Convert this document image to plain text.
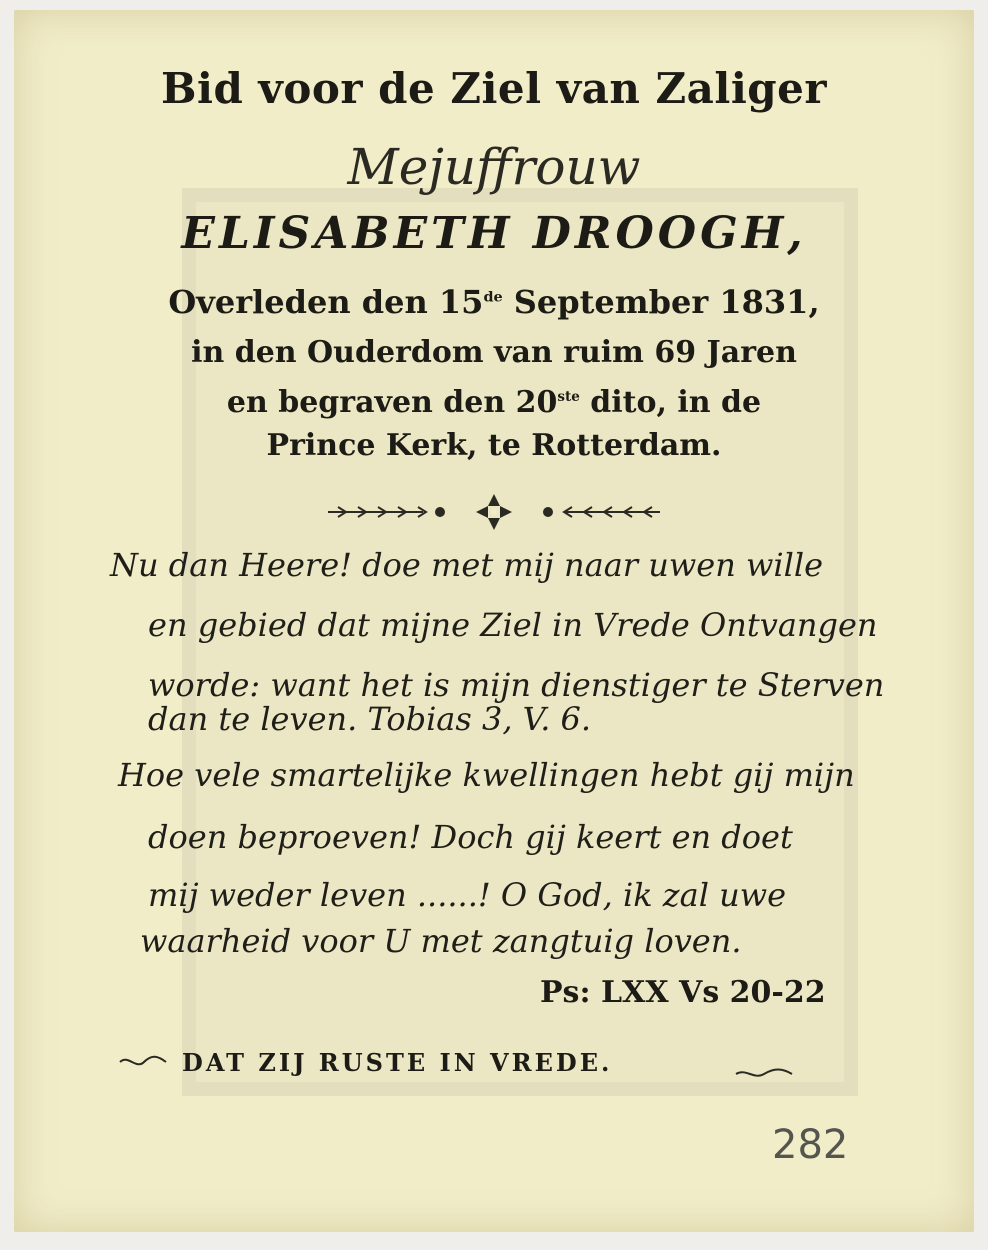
Bid voor de Ziel van Zaliger
Mejuffrouw
ELISABETH DROOGH,
Overleden den 15de September 1831,
in den Ouderdom van ruim 69 Jaren
en begraven den 20ste dito, in de
Prince Kerk, te Rotterdam.
Nu dan Heere! doe met mij naar uwen wille
en gebied dat mijne Ziel in Vrede Ontvangen
worde: want het is mijn dienstiger te Sterven
dan te leven. Tobias 3, V. 6.
Hoe vele smartelijke kwellingen hebt gij mijn
doen beproeven! Doch gij keert en doet
mij weder leven ......! O God, ik zal uwe
waarheid voor U met zangtuig loven.
Ps: LXX Vs 20-22
DAT ZIJ RUSTE IN VREDE.
282
